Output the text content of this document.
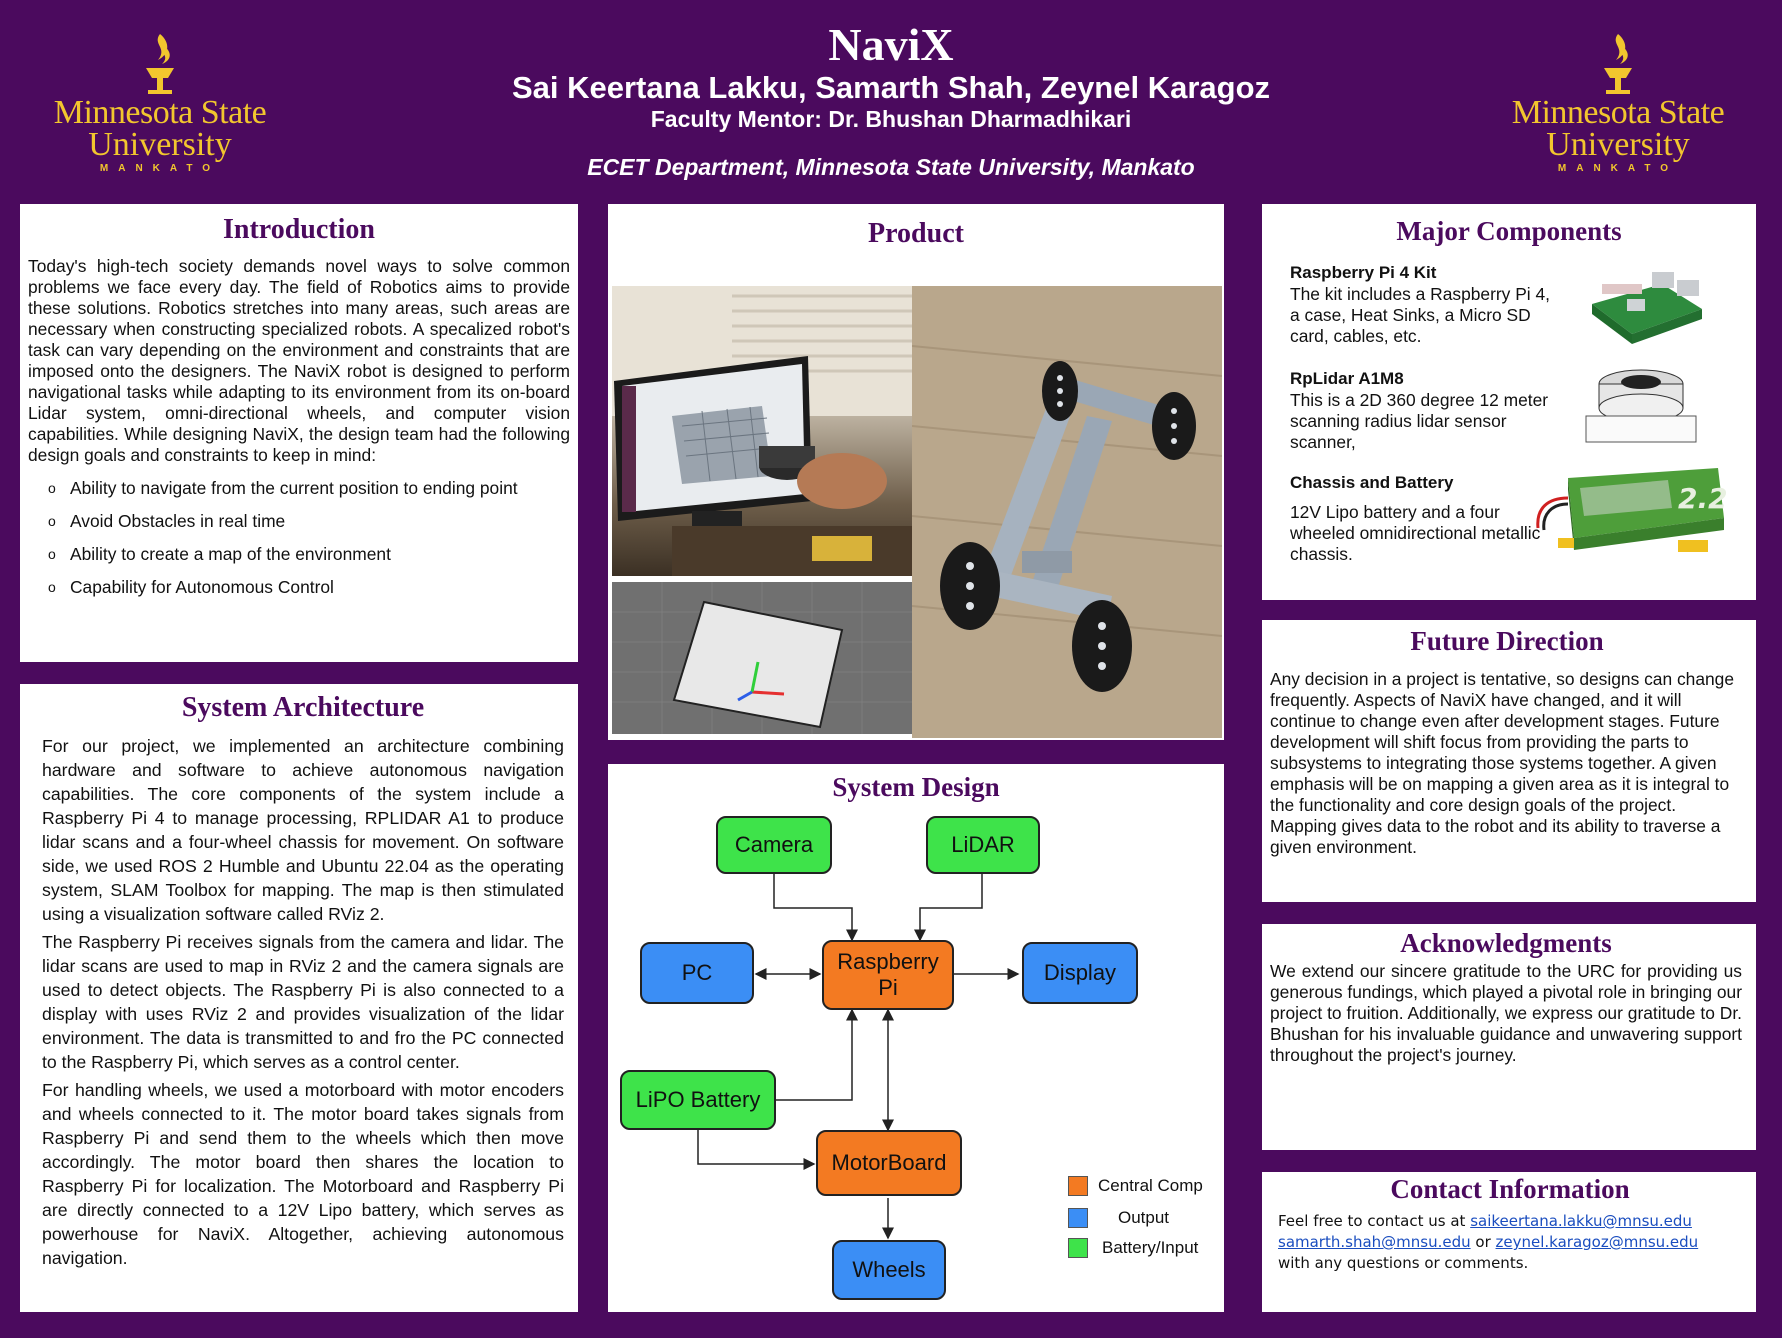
NaviX
Sai Keertana Lakku, Samarth Shah, Zeynel Karagoz
Faculty Mentor: Dr. Bhushan Dharmadhikari
ECET Department, Minnesota State University, Mankato
Minnesota State
University
MANKATO
Minnesota State
University
MANKATO
Introduction

Today's high-tech society demands novel ways to solve common problems we face every day. The field of Robotics aims to provide these solutions. Robotics stretches into many areas, such areas are necessary when constructing specialized robots. A specalized robot's task can vary depending on the environment and constraints that are imposed onto the designers. The NaviX robot is designed to perform navigational tasks while adapting to its environment from its on-board Lidar system, omni-directional wheels, and computer vision capabilities. While designing NaviX, the design team had the following design goals and constraints to keep in mind:

o Ability to navigate from the current position to ending point
o Avoid Obstacles in real time
o Ability to create a map of the environment
o Capability for Autonomous Control
System Architecture

For our project, we implemented an architecture combining hardware and software to achieve autonomous navigation capabilities. The core components of the system include a Raspberry Pi 4 to manage processing, RPLIDAR A1 to produce lidar scans and a four-wheel chassis for movement. On software side, we used ROS 2 Humble and Ubuntu 22.04 as the operating system, SLAM Toolbox for mapping. The map is then stimulated using a visualization software called RViz 2.

The Raspberry Pi receives signals from the camera and lidar. The lidar scans are used to map in RViz 2 and the camera signals are used to detect objects. The Raspberry Pi is also connected to a display with uses RViz 2 and provides visualization of the lidar environment. The data is transmitted to and fro the PC connected to the Raspberry Pi, which serves as a control center.

For handling wheels, we used a motorboard with motor encoders and wheels connected to it. The motor board takes signals from Raspberry Pi and send them to the wheels which then move accordingly. The motor board then shares the location to Raspberry Pi for localization. The Motorboard and Raspberry Pi are directly connected to a 12V Lipo battery, which serves as powerhouse for NaviX. Altogether, achieving autonomous navigation.

Product
System Design
Camera	LiDAR
PC	Raspberry
Pi
Display
LiPO Battery
MotorBoard
Wheels
Central Comp
Output
Battery/Input
Major Components
Raspberry Pi 4 Kit
The kit includes a Raspberry Pi 4, a case, Heat Sinks, a Micro SD card, cables, etc.
RpLidar A1M8
This is a 2D 360 degree 12 meter scanning radius lidar sensor scanner,
Chassis and Battery
12V Lipo battery and a four wheeled omnidirectional metallic chassis.
2.2
Future Direction

Any decision in a project is tentative, so designs can change frequently. Aspects of NaviX have changed, and it will continue to change even after development stages. Future development will shift focus from providing the parts to subsystems to integrating those systems together. A given emphasis will be on mapping a given area as it is integral to the functionality and core design goals of the project. Mapping gives data to the robot and its ability to traverse a given environment.

Acknowledgments

We extend our sincere gratitude to the URC for providing us generous fundings, which played a pivotal role in bringing our project to fruition. Additionally, we express our gratitude to Dr. Bhushan for his invaluable guidance and unwavering support throughout the project's journey.

Contact Information

Feel free to contact us at saikeertana.lakku@mnsu.edu
samarth.shah@mnsu.edu or zeynel.karagoz@mnsu.edu
with any questions or comments.
